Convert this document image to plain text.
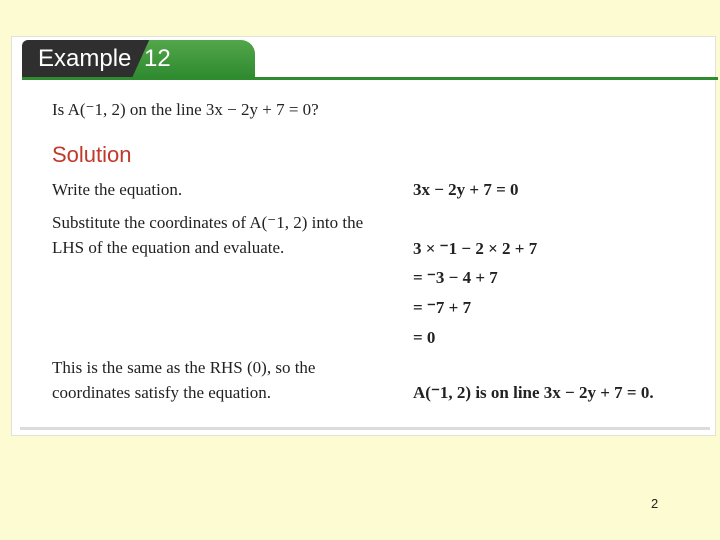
Example 12
Is A(⁻1, 2) on the line 3x − 2y + 7 = 0?
Solution
Write the equation.
Substitute the coordinates of A(⁻1, 2) into the
LHS of the equation and evaluate.
This is the same as the RHS (0), so the
coordinates satisfy the equation.
3x − 2y + 7 = 0
3 × ⁻1 − 2 × 2 + 7
= ⁻3 − 4 + 7
= ⁻7 + 7
= 0
A(⁻1, 2) is on line 3x − 2y + 7 = 0.
2
